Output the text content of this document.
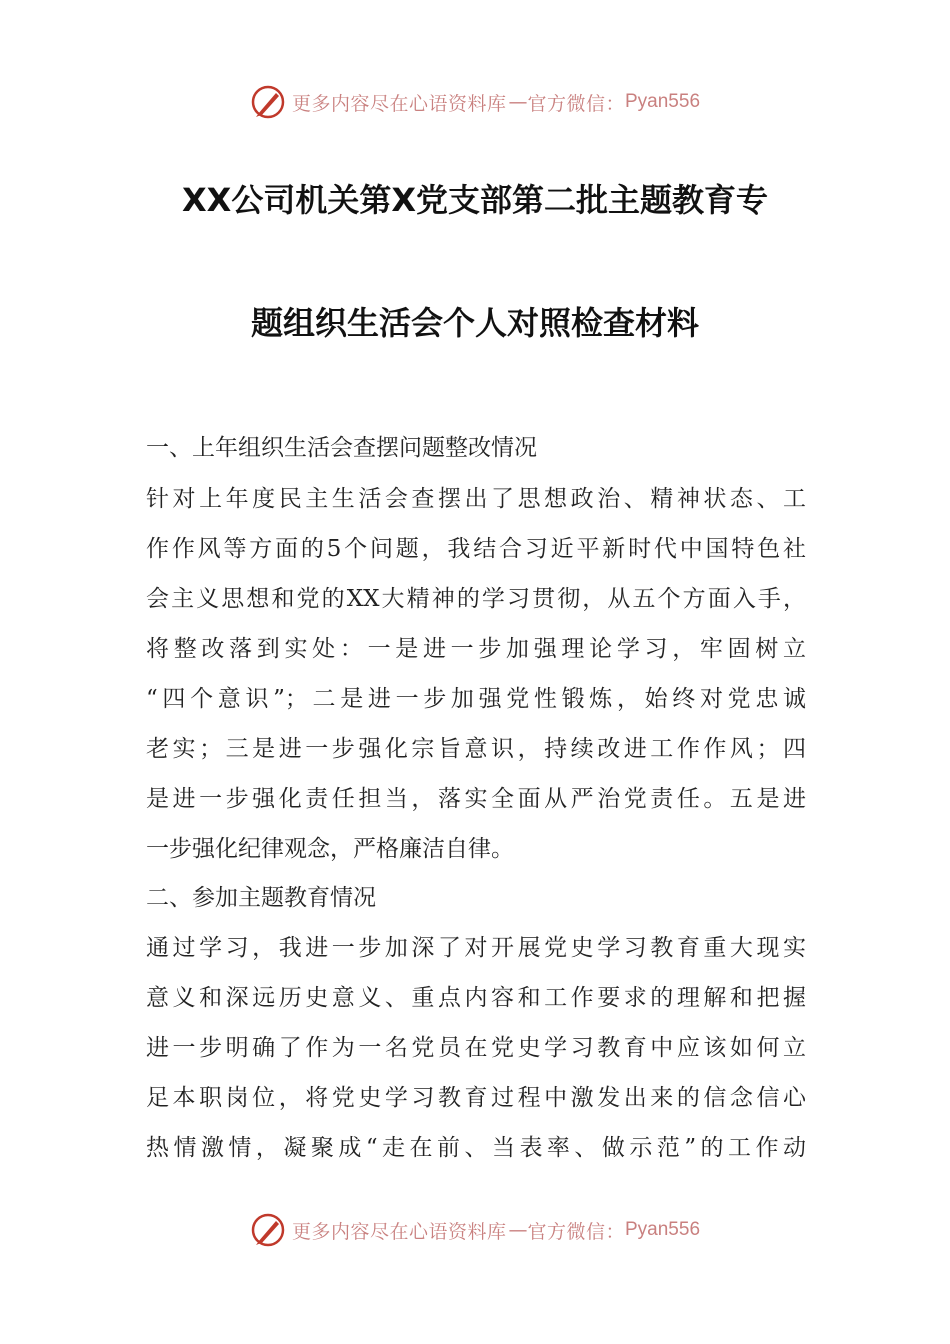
更多内容尽在心语资料库 — 官方微信： Pyan556
XX公司机关第X党支部第二批主题教育专
题组织生活会个人对照检查材料
一、上年组织生活会查摆问题整改情况
针对上年度民主生活会查摆出了思想政治、精神状态、工
作作风等方面的5个问题，我结合习近平新时代中国特色社
会主义思想和党的XX大精神的学习贯彻，从五个方面入手，
将整改落到实处：一是进一步加强理论学习，牢固树立
“四个意识”；二是进一步加强党性锻炼，始终对党忠诚
老实；三是进一步强化宗旨意识，持续改进工作作风；四
是进一步强化责任担当，落实全面从严治党责任。五是进
一步强化纪律观念，严格廉洁自律。
二、参加主题教育情况
通过学习，我进一步加深了对开展党史学习教育重大现实
意义和深远历史意义、重点内容和工作要求的理解和把握
进一步明确了作为一名党员在党史学习教育中应该如何立
足本职岗位，将党史学习教育过程中激发出来的信念信心
热情激情，凝聚成“走在前、当表率、做示范”的工作动
更多内容尽在心语资料库 — 官方微信： Pyan556
